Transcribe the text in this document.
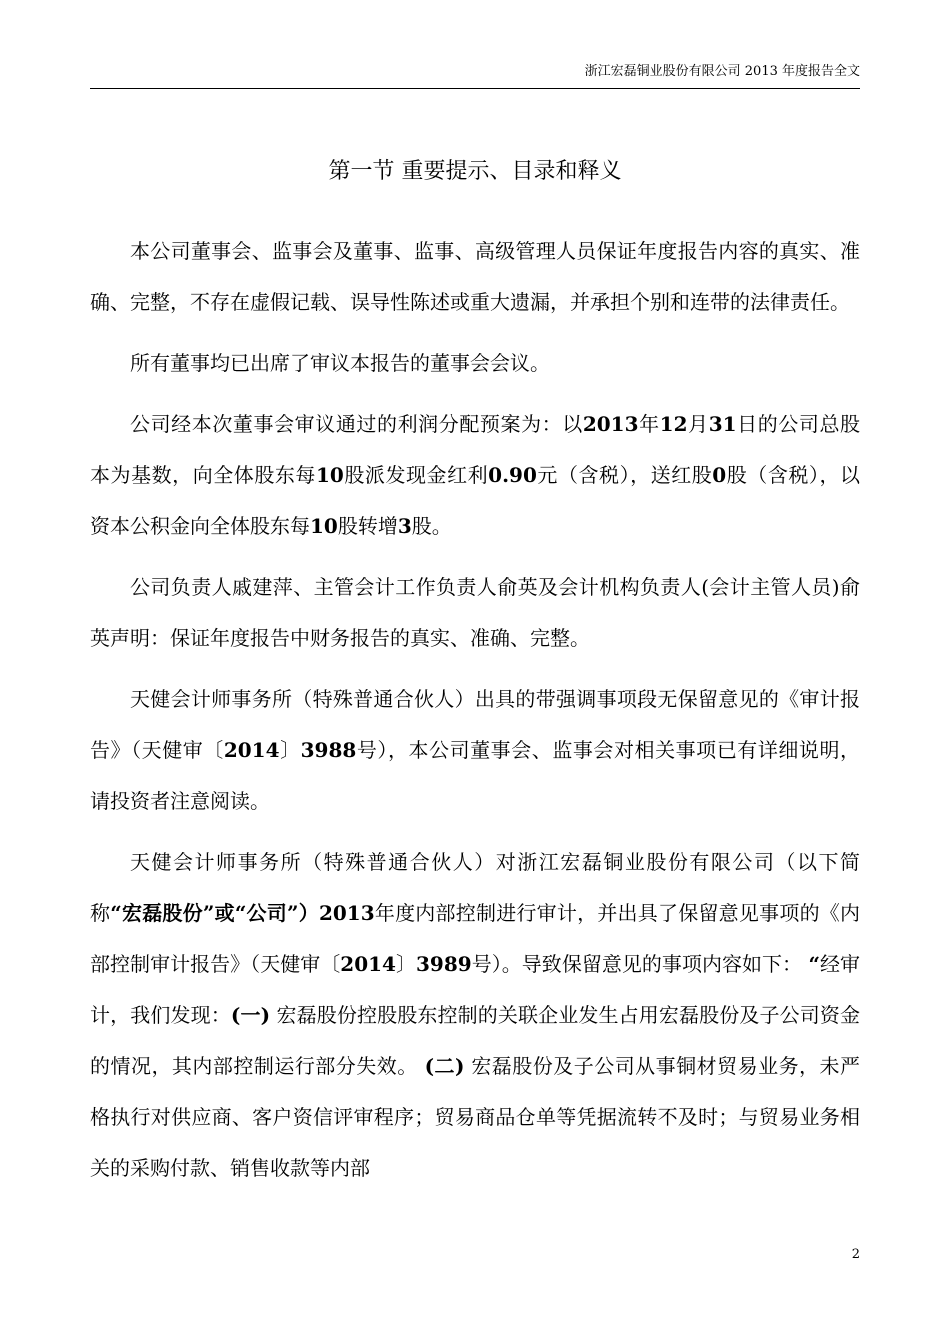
浙江宏磊铜业股份有限公司 2013 年度报告全文
第一节 重要提示、目录和释义

本公司董事会、监事会及董事、监事、高级管理人员保证年度报告内容的真实、准确、完整，不存在虚假记载、误导性陈述或重大遗漏，并承担个别和连带的法律责任。

所有董事均已出席了审议本报告的董事会会议。

公司经本次董事会审议通过的利润分配预案为：以2013年12月31日的公司总股本为基数，向全体股东每10股派发现金红利0.90元（含税），送红股0股（含税），以资本公积金向全体股东每10股转增3股。

公司负责人戚建萍、主管会计工作负责人俞英及会计机构负责人(会计主管人员)俞英声明：保证年度报告中财务报告的真实、准确、完整。

天健会计师事务所（特殊普通合伙人）出具的带强调事项段无保留意见的《审计报告》（天健审〔2014〕3988号），本公司董事会、监事会对相关事项已有详细说明，请投资者注意阅读。

天健会计师事务所（特殊普通合伙人）对浙江宏磊铜业股份有限公司（以下简称“宏磊股份”或“公司”）2013年度内部控制进行审计，并出具了保留意见事项的《内部控制审计报告》（天健审〔2014〕3989号）。导致保留意见的事项内容如下： “经审计，我们发现：(一) 宏磊股份控股股东控制的关联企业发生占用宏磊股份及子公司资金的情况，其内部控制运行部分失效。 (二) 宏磊股份及子公司从事铜材贸易业务，未严格执行对供应商、客户资信评审程序；贸易商品仓单等凭据流转不及时；与贸易业务相关的采购付款、销售收款等内部

2
